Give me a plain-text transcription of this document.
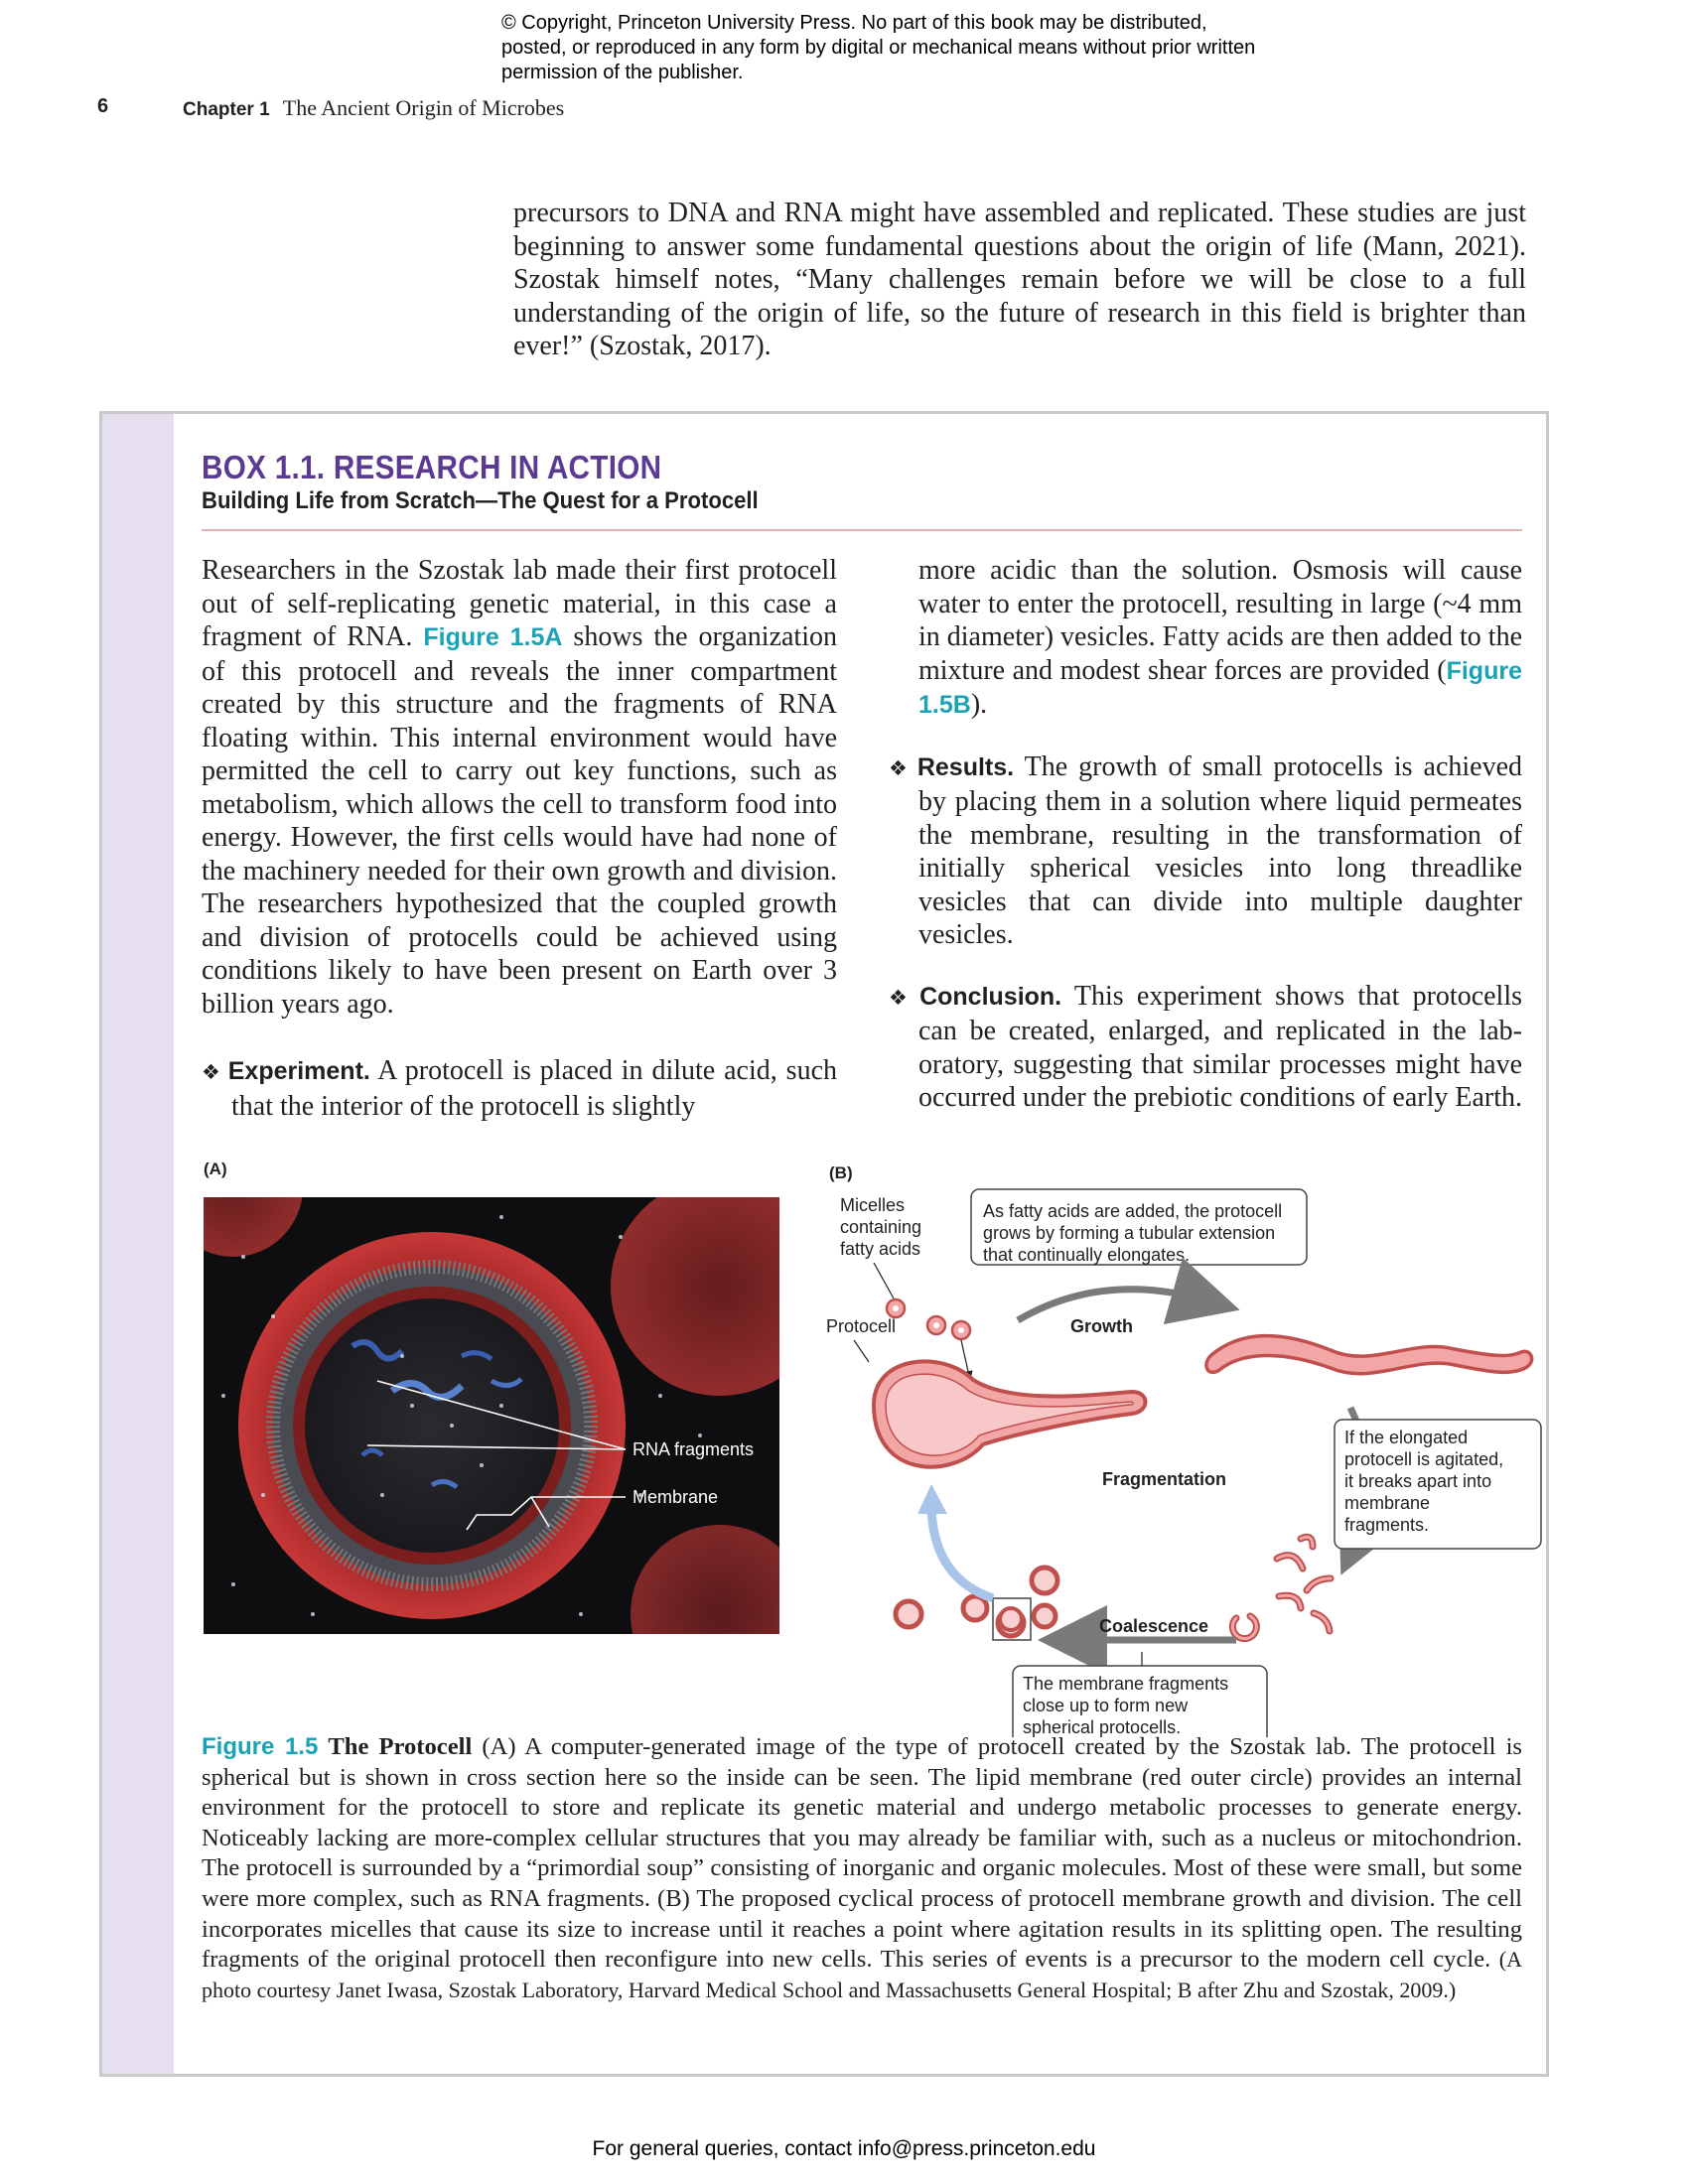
© Copyright, Princeton University Press. No part of this book may be distributed, posted, or reproduced in any form by digital or mechanical means without prior written permission of the publisher.
6	Chapter 1 The Ancient Origin of Microbes
precursors to DNA and RNA might have assembled and replicated. These studies are just beginning to answer some fundamental questions about the origin of life (Mann, 2021). Szostak himself notes, “Many challenges remain before we will be close to a full understanding of the origin of life, so the future of research in this field is brighter than ever!” (Szostak, 2017).
BOX 1.1. RESEARCH IN ACTION
Building Life from Scratch—The Quest for a Protocell
Researchers in the Szostak lab made their first protocell out of self-replicating genetic material, in this case a fragment of RNA. Figure 1.5A shows the organization of this protocell and reveals the inner compartment created by this structure and the fragments of RNA floating within. This internal environment would have permitted the cell to carry out key functions, such as metabolism, which allows the cell to transform food into energy. However, the first cells would have had none of the machinery needed for their own growth and division. The researchers hypothesized that the coupled growth and division of protocells could be achieved using conditions likely to have been present on Earth over 3 billion years ago.
❖ Experiment. A protocell is placed in dilute acid, such that the interior of the protocell is slightly
more acidic than the solution. Osmosis will cause water to enter the protocell, resulting in large (~4 mm in diameter) vesicles. Fatty acids are then added to the mixture and modest shear forces are provided (Figure 1.5B).
❖ Results. The growth of small protocells is achieved by placing them in a solution where liquid permeates the membrane, resulting in the transformation of initially spherical vesicles into long threadlike vesicles that can divide into multiple daughter vesicles.
❖ Conclusion. This experiment shows that protocells can be created, enlarged, and replicated in the laboratory, suggesting that similar processes might have occurred under the prebiotic conditions of early Earth.
(A)	(B)
RNA fragments
Membrane
Micelles containing fatty acids
As fatty acids are added, the protocell grows by forming a tubular extension that continually elongates.
Protocell	Growth
Fragmentation
If the elongated protocell is agitated, it breaks apart into membrane fragments.
Coalescence
The membrane fragments close up to form new spherical protocells.
Figure 1.5 The Protocell (A) A computer-generated image of the type of protocell created by the Szostak lab. The protocell is spherical but is shown in cross section here so the inside can be seen. The lipid membrane (red outer circle) provides an internal environment for the protocell to store and replicate its genetic material and undergo metabolic processes to generate energy. Noticeably lacking are more-complex cellular structures that you may already be familiar with, such as a nucleus or mitochondrion. The protocell is surrounded by a “primordial soup” consisting of inorganic and organic molecules. Most of these were small, but some were more complex, such as RNA fragments. (B) The proposed cyclical process of protocell membrane growth and division. The cell incorporates micelles that cause its size to increase until it reaches a point where agitation results in its splitting open. The resulting fragments of the original protocell then reconfigure into new cells. This series of events is a precursor to the modern cell cycle. (A photo courtesy Janet Iwasa, Szostak Laboratory, Harvard Medical School and Massachusetts General Hospital; B after Zhu and Szostak, 2009.)
For general queries, contact info@press.princeton.edu
